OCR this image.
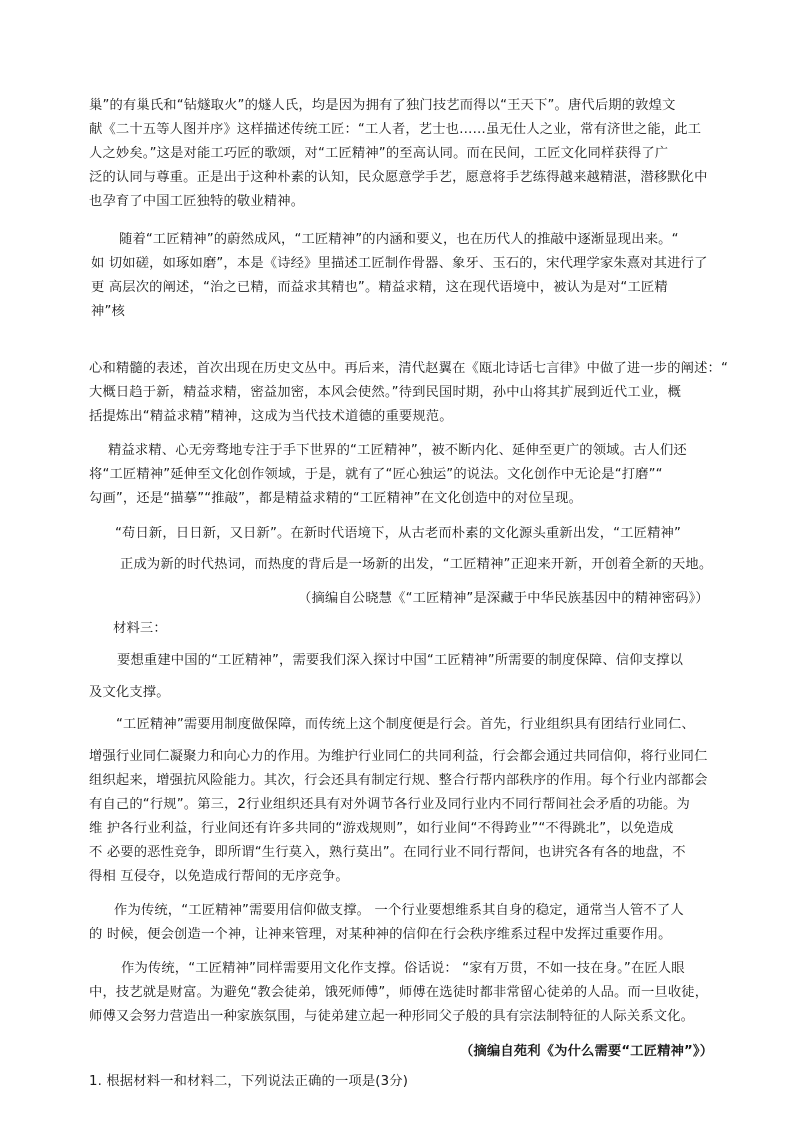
巢”的有巢氏和“钻燧取火”的燧人氏，均是因为拥有了独门技艺而得以“王天下”。唐代后期的敦煌文
献《二十五等人图并序》这样描述传统工匠：“工人者，艺士也……虽无仕人之业，常有济世之能，此工
人之妙矣。”这是对能工巧匠的歌颂，对“工匠精神”的至高认同。而在民间，工匠文化同样获得了广
泛的认同与尊重。正是出于这种朴素的认知，民众愿意学手艺，愿意将手艺练得越来越精湛，潜移默化中
也孕育了中国工匠独特的敬业精神。
随着“工匠精神”的蔚然成风，“工匠精神”的内涵和要义，也在历代人的推敲中逐渐显现出来。“
如 切如磋，如琢如磨”，本是《诗经》里描述工匠制作骨器、象牙、玉石的，宋代理学家朱熹对其进行了
更 高层次的阐述，“治之已精，而益求其精也”。精益求精，这在现代语境中，被认为是对“工匠精
神”核
心和精髓的表述，首次出现在历史文丛中。再后来，清代赵翼在《瓯北诗话七言律》中做了进一步的阐述：“
大概日趋于新，精益求精，密益加密，本风会使然。”待到民国时期，孙中山将其扩展到近代工业，概
括提炼出“精益求精”精神，这成为当代技术道德的重要规范。
精益求精、心无旁骛地专注于手下世界的“工匠精神”，被不断内化、延伸至更广的领域。古人们还
将“工匠精神”延伸至文化创作领域，于是，就有了“匠心独运”的说法。文化创作中无论是“打磨”“
勾画”，还是“描摹”“推敲”，都是精益求精的“工匠精神”在文化创造中的对位呈现。
“苟日新，日日新，又日新”。在新时代语境下，从古老而朴素的文化源头重新出发，“工匠精神”
正成为新的时代热词，而热度的背后是一场新的出发，“工匠精神”正迎来开新，开创着全新的天地。
（摘编自公晓慧《“工匠精神”是深藏于中华民族基因中的精神密码》）
材料三：
要想重建中国的“工匠精神”，需要我们深入探讨中国“工匠精神”所需要的制度保障、信仰支撑以
及文化支撑。
“工匠精神”需要用制度做保障，而传统上这个制度便是行会。首先，行业组织具有团结行业同仁、
增强行业同仁凝聚力和向心力的作用。为维护行业同仁的共同利益，行会都会通过共同信仰，将行业同仁
组织起来，增强抗风险能力。其次，行会还具有制定行规、整合行帮内部秩序的作用。每个行业内部都会
有自己的“行规”。第三，2行业组织还具有对外调节各行业及同行业内不同行帮间社会矛盾的功能。为
维 护各行业利益，行业间还有许多共同的“游戏规则”，如行业间“不得跨业”“不得跳北”，以免造成
不 必要的恶性竞争，即所谓“生行莫入，熟行莫出”。在同行业不同行帮间，也讲究各有各的地盘，不
得相 互侵夺，以免造成行帮间的无序竞争。
作为传统，“工匠精神”需要用信仰做支撑。 一个行业要想维系其自身的稳定，通常当人管不了人
的 时候，便会创造一个神，让神来管理，对某种神的信仰在行会秩序维系过程中发挥过重要作用。
作为传统，“工匠精神”同样需要用文化作支撑。俗话说： “家有万贯，不如一技在身。”在匠人眼
中，技艺就是财富。为避免“教会徒弟，饿死师傅”，师傅在选徒时都非常留心徒弟的人品。而一旦收徒，
师傅又会努力营造出一种家族氛围，与徒弟建立起一种形同父子般的具有宗法制特征的人际关系文化。
（摘编自苑利《为什么需要“工匠精神”》）
1. 根据材料一和材料二，下列说法正确的一项是(3分)
